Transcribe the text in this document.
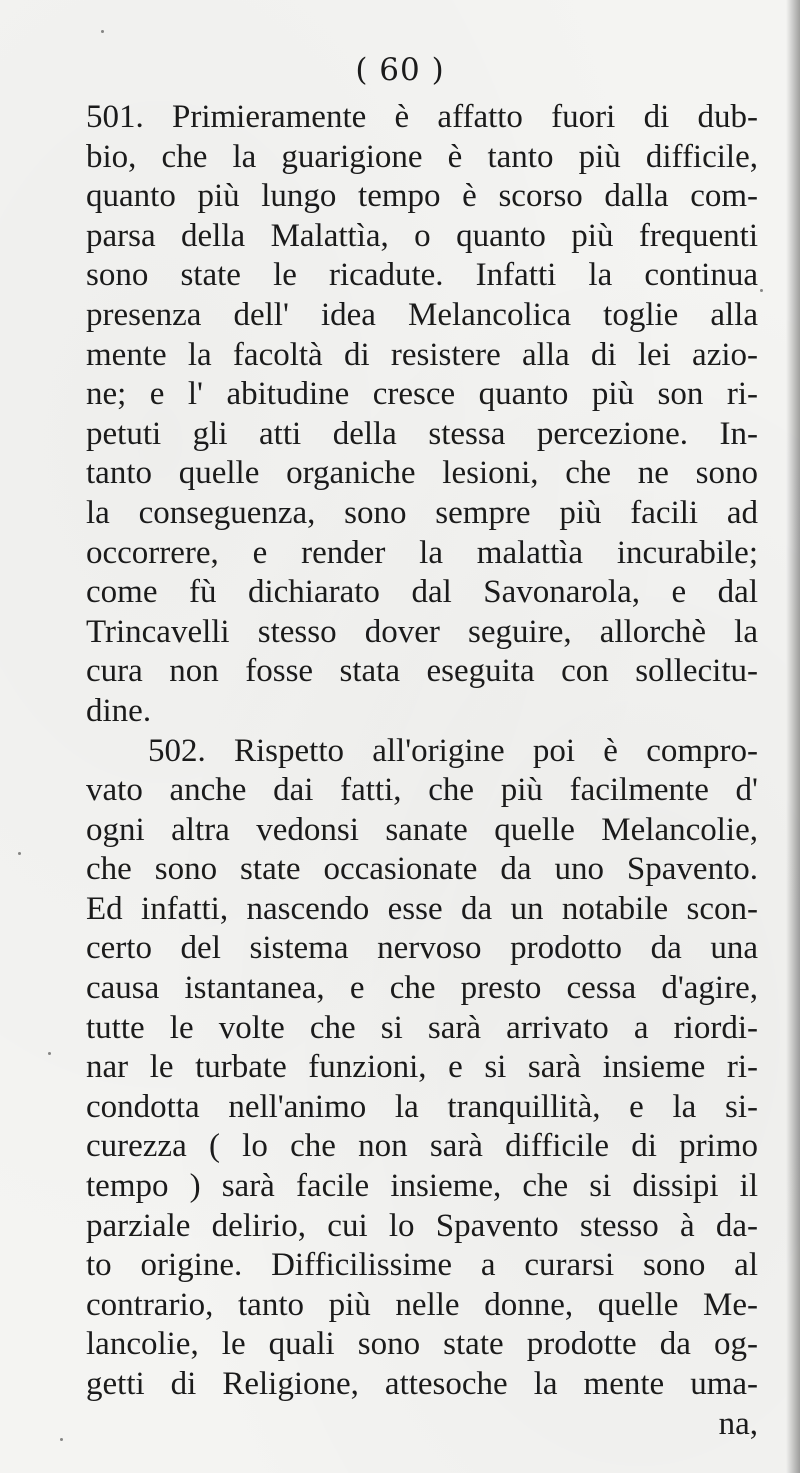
( 60 )
501. Primieramente è affatto fuori di dub-
bio, che la guarigione è tanto più difficile,
quanto più lungo tempo è scorso dalla com-
parsa della Malattìa, o quanto più frequenti
sono state le ricadute. Infatti la continua
presenza dell' idea Melancolica toglie alla
mente la facoltà di resistere alla di lei azio-
ne; e l' abitudine cresce quanto più son ri-
petuti gli atti della stessa percezione. In-
tanto quelle organiche lesioni, che ne sono
la conseguenza, sono sempre più facili ad
occorrere, e render la malattìa incurabile;
come fù dichiarato dal Savonarola, e dal
Trincavelli stesso dover seguire, allorchè la
cura non fosse stata eseguita con sollecitu-
dine.
502. Rispetto all'origine poi è compro-
vato anche dai fatti, che più facilmente d'
ogni altra vedonsi sanate quelle Melancolie,
che sono state occasionate da uno Spavento.
Ed infatti, nascendo esse da un notabile scon-
certo del sistema nervoso prodotto da una
causa istantanea, e che presto cessa d'agire,
tutte le volte che si sarà arrivato a riordi-
nar le turbate funzioni, e si sarà insieme ri-
condotta nell'animo la tranquillità, e la si-
curezza ( lo che non sarà difficile di primo
tempo ) sarà facile insieme, che si dissipi il
parziale delirio, cui lo Spavento stesso à da-
to origine. Difficilissime a curarsi sono al
contrario, tanto più nelle donne, quelle Me-
lancolie, le quali sono state prodotte da og-
getti di Religione, attesoche la mente uma-
na,
